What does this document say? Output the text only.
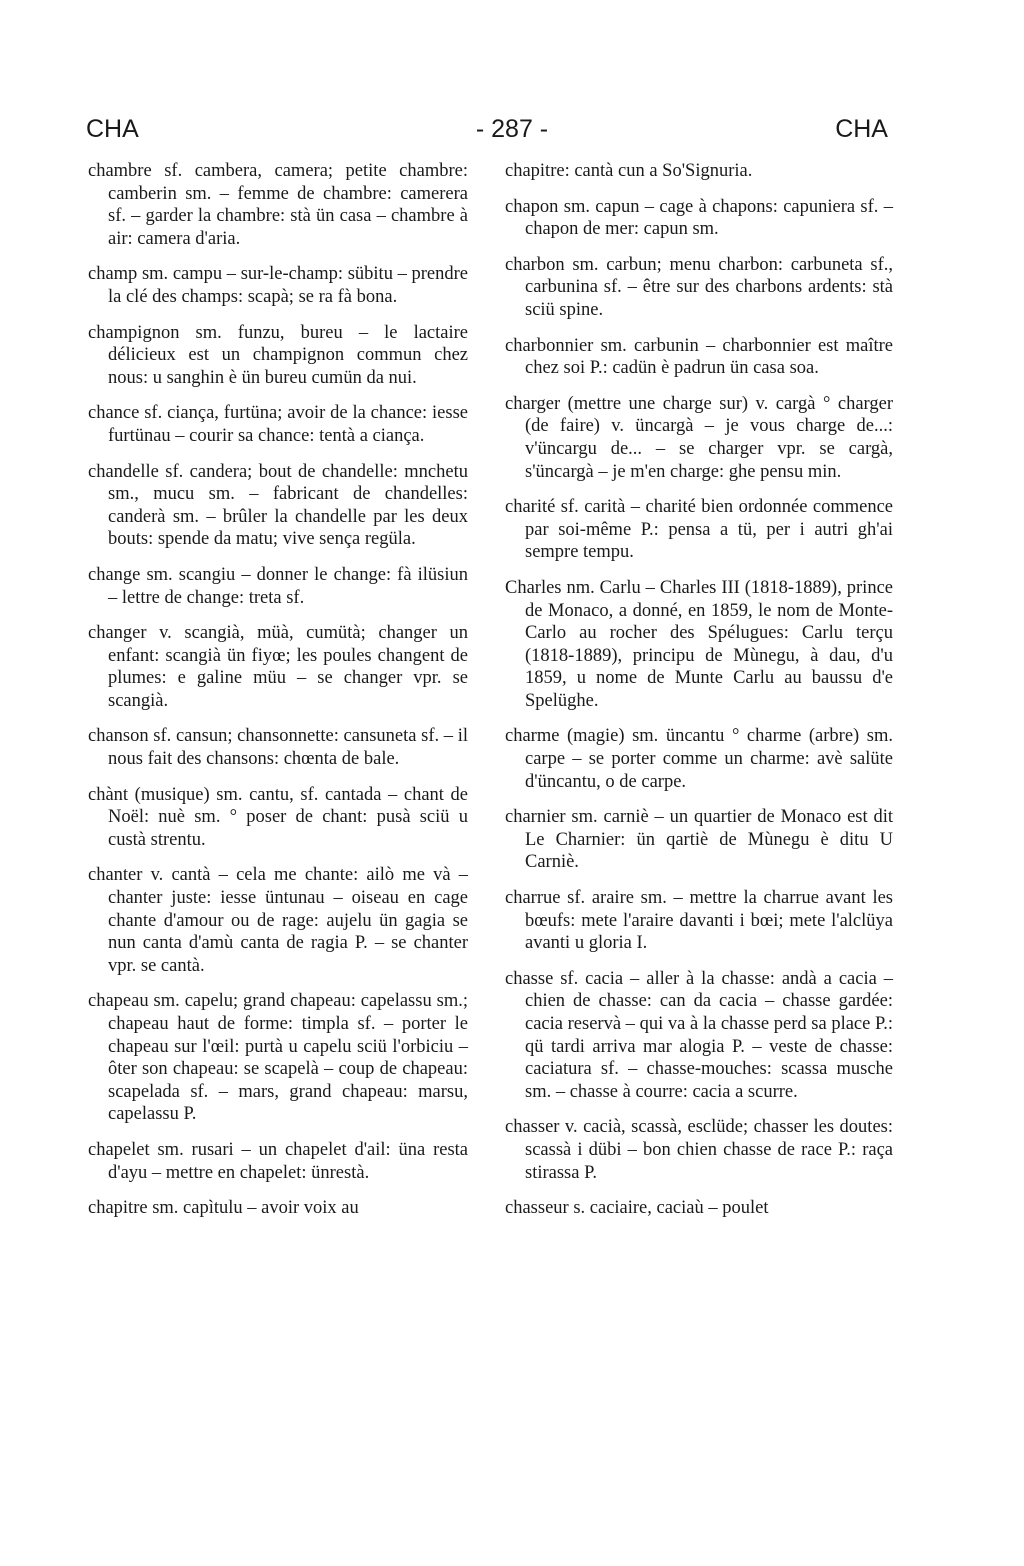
CHA	- 287 -	CHA

chambre sf. cambera, camera; petite chambre: camberin sm. – femme de chambre: camerera sf. – garder la chambre: stà ün casa – chambre à air: camera d'aria.

champ sm. campu – sur-le-champ: sübitu – prendre la clé des champs: scapà; se ra fà bona.

champignon sm. funzu, bureu – le lactaire délicieux est un champignon commun chez nous: u sanghin è ün bureu cumün da nui.

chance sf. ciança, furtüna; avoir de la chance: iesse furtünau – courir sa chance: tentà a ciança.

chandelle sf. candera; bout de chandelle: mnchetu sm., mucu sm. – fabricant de chandelles: canderà sm. – brûler la chandelle par les deux bouts: spende da matu; vive sença regüla.

change sm. scangiu – donner le change: fà ilüsiun – lettre de change: treta sf.

changer v. scangià, müà, cumütà; changer un enfant: scangià ün fiyœ; les poules changent de plumes: e galine müu – se changer vpr. se scangià.

chanson sf. cansun; chansonnette: cansuneta sf. – il nous fait des chansons: chœnta de bale.

chànt (musique) sm. cantu, sf. cantada – chant de Noël: nuè sm. ° poser de chant: pusà sciü u custà strentu.

chanter v. cantà – cela me chante: ailò me và – chanter juste: iesse üntunau – oiseau en cage chante d'amour ou de rage: aujelu ün gagia se nun canta d'amù canta de ragia P. – se chanter vpr. se cantà.

chapeau sm. capelu; grand chapeau: capelassu sm.; chapeau haut de forme: timpla sf. – porter le chapeau sur l'œil: purtà u capelu sciü l'orbiciu – ôter son chapeau: se scapelà – coup de chapeau: scapelada sf. – mars, grand chapeau: marsu, capelassu P.

chapelet sm. rusari – un chapelet d'ail: üna resta d'ayu – mettre en chapelet: ünrestà.

chapitre sm. capìtulu – avoir voix au

chapitre: cantà cun a So'Signuria.

chapon sm. capun – cage à chapons: capuniera sf. – chapon de mer: capun sm.

charbon sm. carbun; menu charbon: carbuneta sf., carbunina sf. – être sur des charbons ardents: stà sciü spine.

charbonnier sm. carbunin – charbonnier est maître chez soi P.: cadün è padrun ün casa soa.

charger (mettre une charge sur) v. cargà ° charger (de faire) v. üncargà – je vous charge de...: v'üncargu de... – se charger vpr. se cargà, s'üncargà – je m'en charge: ghe pensu min.

charité sf. carità – charité bien ordonnée commence par soi-même P.: pensa a tü, per i autri gh'ai sempre tempu.

Charles nm. Carlu – Charles III (1818-1889), prince de Monaco, a donné, en 1859, le nom de Monte-Carlo au rocher des Spélugues: Carlu terçu (1818-1889), principu de Mùnegu, à dau, d'u 1859, u nome de Munte Carlu au baussu d'e Spelüghe.

charme (magie) sm. üncantu ° charme (arbre) sm. carpe – se porter comme un charme: avè salüte d'üncantu, o de carpe.

charnier sm. carniè – un quartier de Monaco est dit Le Charnier: ün qartiè de Mùnegu è ditu U Carniè.

charrue sf. araire sm. – mettre la charrue avant les bœufs: mete l'araire davanti i bœi; mete l'alclüya avanti u gloria I.

chasse sf. cacia – aller à la chasse: andà a cacia – chien de chasse: can da cacia – chasse gardée: cacia reservà – qui va à la chasse perd sa place P.: qü tardi arriva mar alogia P. – veste de chasse: caciatura sf. – chasse-mouches: scassa musche sm. – chasse à courre: cacia a scurre.

chasser v. cacià, scassà, esclüde; chasser les doutes: scassà i dübi – bon chien chasse de race P.: raça stirassa P.

chasseur s. caciaire, caciaù – poulet
